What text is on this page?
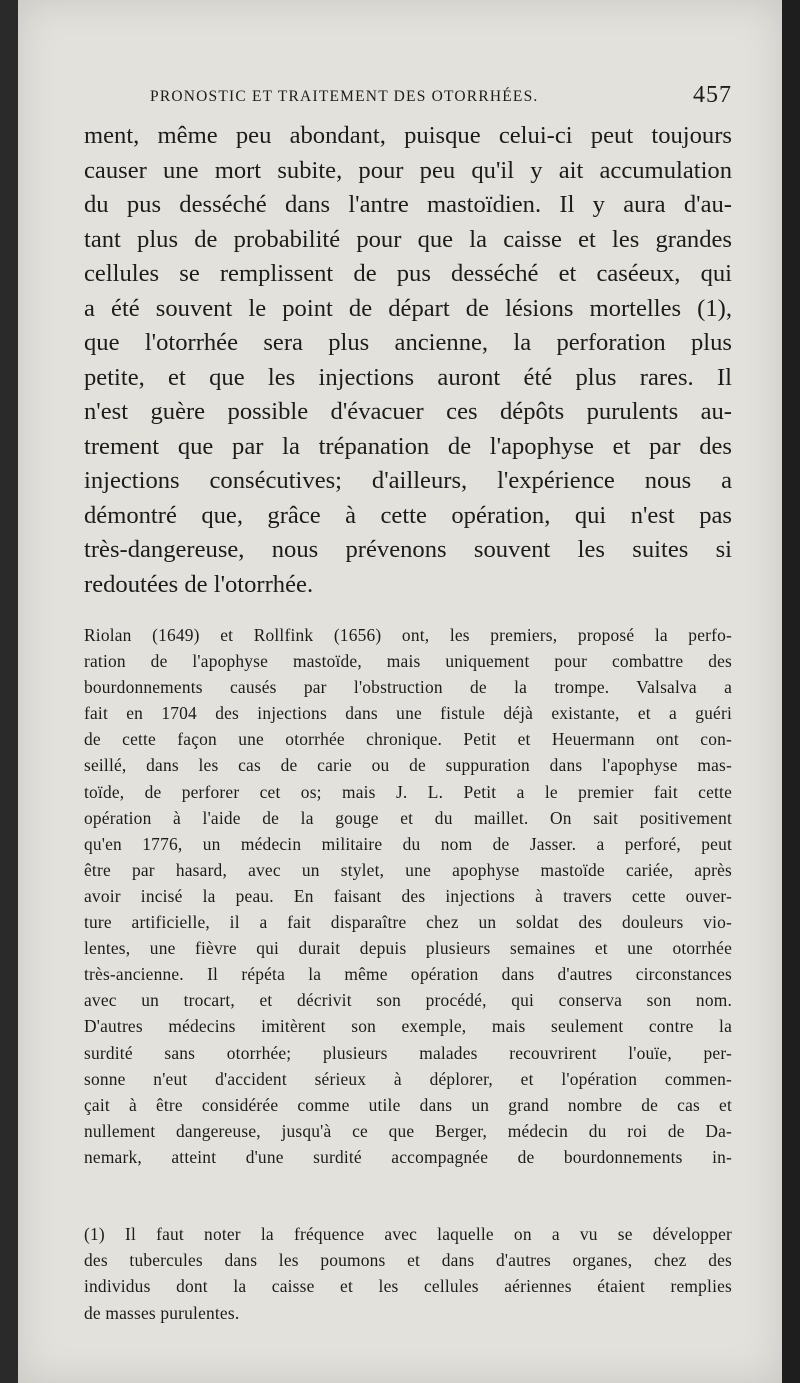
PRONOSTIC ET TRAITEMENT DES OTORRHÉES.	457
ment, même peu abondant, puisque celui-ci peut toujours
causer une mort subite, pour peu qu'il y ait accumulation
du pus desséché dans l'antre mastoïdien. Il y aura d'au-
tant plus de probabilité pour que la caisse et les grandes
cellules se remplissent de pus desséché et caséeux, qui
a été souvent le point de départ de lésions mortelles (1),
que l'otorrhée sera plus ancienne, la perforation plus
petite, et que les injections auront été plus rares. Il
n'est guère possible d'évacuer ces dépôts purulents au-
trement que par la trépanation de l'apophyse et par des
injections consécutives; d'ailleurs, l'expérience nous a
démontré que, grâce à cette opération, qui n'est pas
très-dangereuse, nous prévenons souvent les suites si
redoutées de l'otorrhée.
Riolan (1649) et Rollfink (1656) ont, les premiers, proposé la perfo-
ration de l'apophyse mastoïde, mais uniquement pour combattre des
bourdonnements causés par l'obstruction de la trompe. Valsalva a
fait en 1704 des injections dans une fistule déjà existante, et a guéri
de cette façon une otorrhée chronique. Petit et Heuermann ont con-
seillé, dans les cas de carie ou de suppuration dans l'apophyse mas-
toïde, de perforer cet os; mais J. L. Petit a le premier fait cette
opération à l'aide de la gouge et du maillet. On sait positivement
qu'en 1776, un médecin militaire du nom de Jasser. a perforé, peut
être par hasard, avec un stylet, une apophyse mastoïde cariée, après
avoir incisé la peau. En faisant des injections à travers cette ouver-
ture artificielle, il a fait disparaître chez un soldat des douleurs vio-
lentes, une fièvre qui durait depuis plusieurs semaines et une otorrhée
très-ancienne. Il répéta la même opération dans d'autres circonstances
avec un trocart, et décrivit son procédé, qui conserva son nom.
D'autres médecins imitèrent son exemple, mais seulement contre la
surdité sans otorrhée; plusieurs malades recouvrirent l'ouïe, per-
sonne n'eut d'accident sérieux à déplorer, et l'opération commen-
çait à être considérée comme utile dans un grand nombre de cas et
nullement dangereuse, jusqu'à ce que Berger, médecin du roi de Da-
nemark, atteint d'une surdité accompagnée de bourdonnements in-
(1) Il faut noter la fréquence avec laquelle on a vu se développer
des tubercules dans les poumons et dans d'autres organes, chez des
individus dont la caisse et les cellules aériennes étaient remplies
de masses purulentes.
